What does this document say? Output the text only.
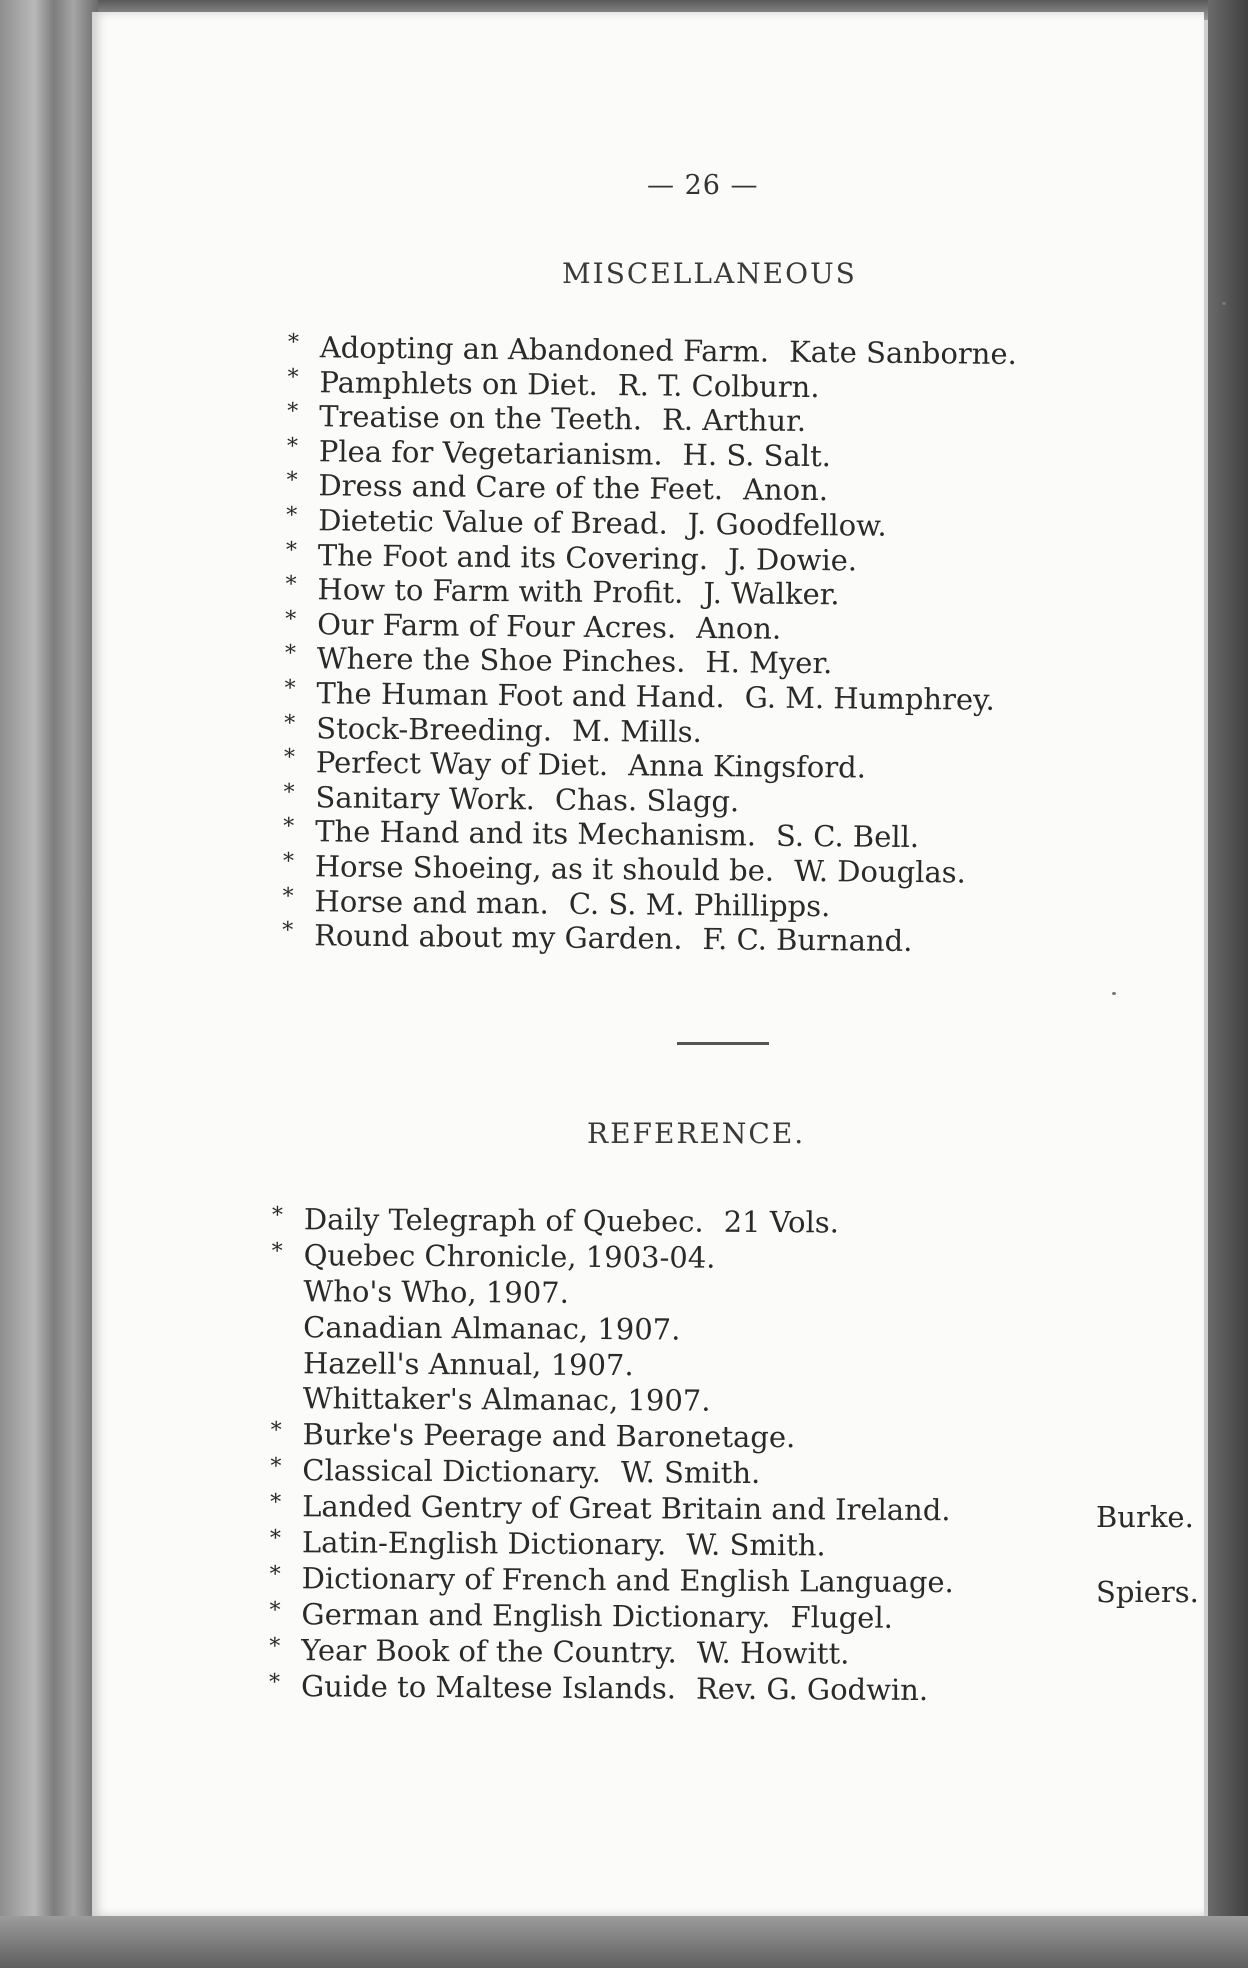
— 26 —
MISCELLANEOUS
* Adopting an Abandoned Farm. Kate Sanborne.
* Pamphlets on Diet. R. T. Colburn.
* Treatise on the Teeth. R. Arthur.
* Plea for Vegetarianism. H. S. Salt.
* Dress and Care of the Feet. Anon.
* Dietetic Value of Bread. J. Goodfellow.
* The Foot and its Covering. J. Dowie.
* How to Farm with Profit. J. Walker.
* Our Farm of Four Acres. Anon.
* Where the Shoe Pinches. H. Myer.
* The Human Foot and Hand. G. M. Humphrey.
* Stock-Breeding. M. Mills.
* Perfect Way of Diet. Anna Kingsford.
* Sanitary Work. Chas. Slagg.
* The Hand and its Mechanism. S. C. Bell.
* Horse Shoeing, as it should be. W. Douglas.
* Horse and man. C. S. M. Phillipps.
* Round about my Garden. F. C. Burnand.
REFERENCE.
* Daily Telegraph of Quebec. 21 Vols.
* Quebec Chronicle, 1903-04.
Who's Who, 1907.
Canadian Almanac, 1907.
Hazell's Annual, 1907.
Whittaker's Almanac, 1907.
* Burke's Peerage and Baronetage.
* Classical Dictionary. W. Smith.
* Landed Gentry of Great Britain and Ireland.
* Latin-English Dictionary. W. Smith.
* Dictionary of French and English Language.
* German and English Dictionary. Flugel.
* Year Book of the Country. W. Howitt.
* Guide to Maltese Islands. Rev. G. Godwin.
Burke.
Spiers.
